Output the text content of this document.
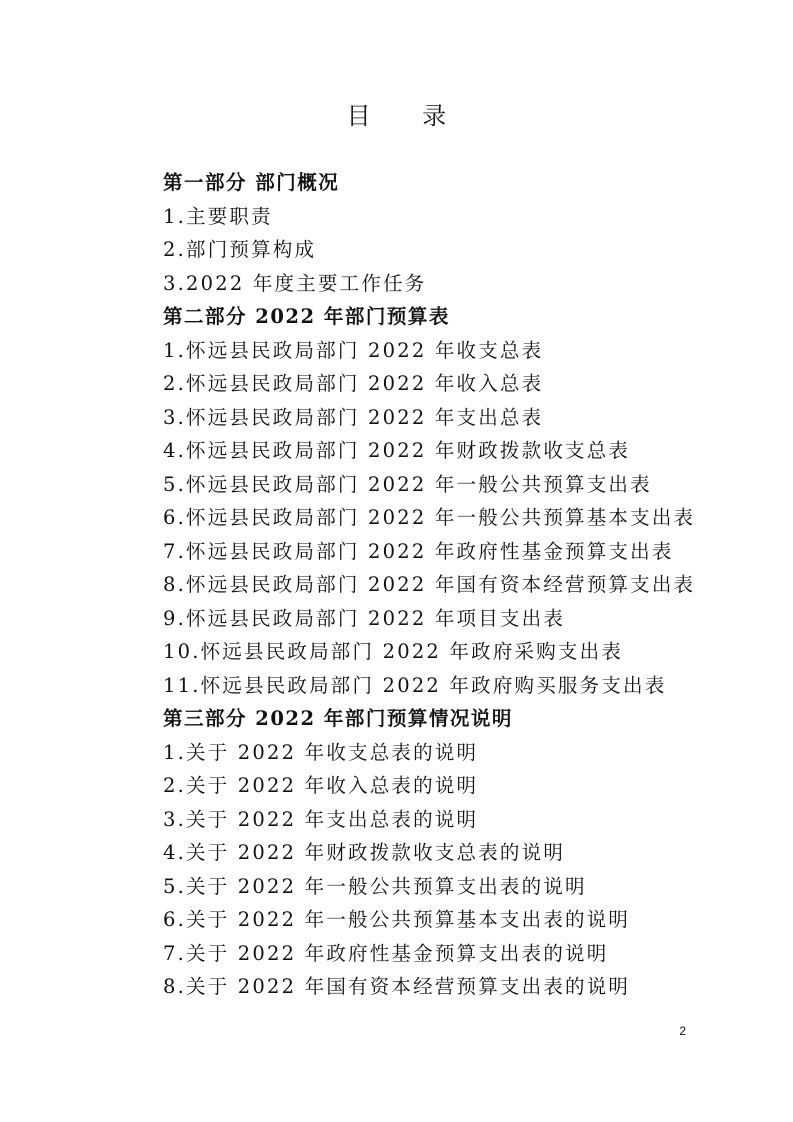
目 录
第一部分 部门概况
1.主要职责
2.部门预算构成
3.2022 年度主要工作任务
第二部分 2022 年部门预算表
1.怀远县民政局部门 2022 年收支总表
2.怀远县民政局部门 2022 年收入总表
3.怀远县民政局部门 2022 年支出总表
4.怀远县民政局部门 2022 年财政拨款收支总表
5.怀远县民政局部门 2022 年一般公共预算支出表
6.怀远县民政局部门 2022 年一般公共预算基本支出表
7.怀远县民政局部门 2022 年政府性基金预算支出表
8.怀远县民政局部门 2022 年国有资本经营预算支出表
9.怀远县民政局部门 2022 年项目支出表
10.怀远县民政局部门 2022 年政府采购支出表
11.怀远县民政局部门 2022 年政府购买服务支出表
第三部分 2022 年部门预算情况说明
1.关于 2022 年收支总表的说明
2.关于 2022 年收入总表的说明
3.关于 2022 年支出总表的说明
4.关于 2022 年财政拨款收支总表的说明
5.关于 2022 年一般公共预算支出表的说明
6.关于 2022 年一般公共预算基本支出表的说明
7.关于 2022 年政府性基金预算支出表的说明
8.关于 2022 年国有资本经营预算支出表的说明
2
